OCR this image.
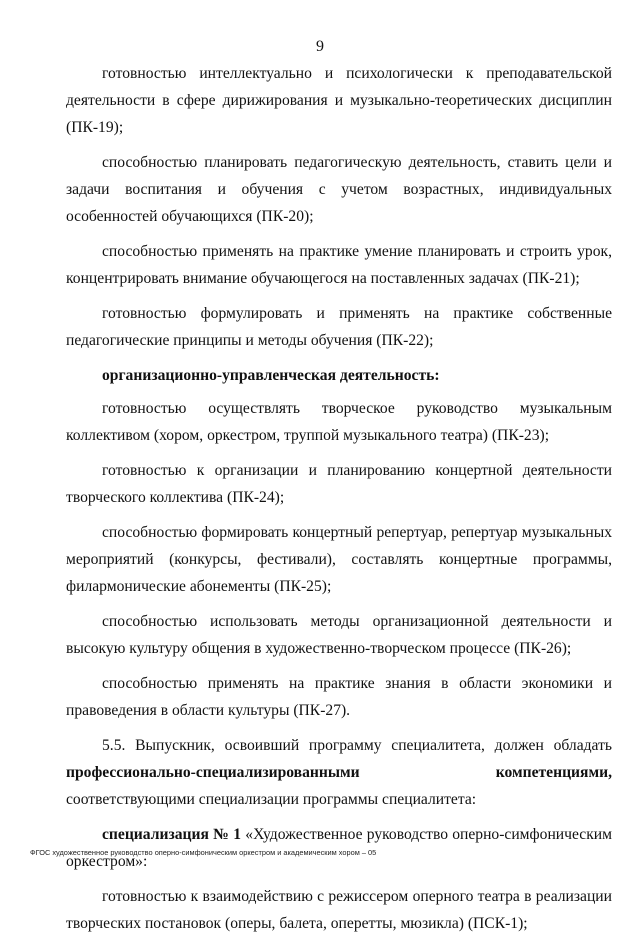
9

готовностью интеллектуально и психологически к преподавательской деятельности в сфере дирижирования и музыкально-теоретических дисциплин (ПК-19);

способностью планировать педагогическую деятельность, ставить цели и задачи воспитания и обучения с учетом возрастных, индивидуальных особенностей обучающихся (ПК-20);

способностью применять на практике умение планировать и строить урок, концентрировать внимание обучающегося на поставленных задачах (ПК-21);

готовностью формулировать и применять на практике собственные педагогические принципы и методы обучения (ПК-22);

организационно-управленческая деятельность:

готовностью осуществлять творческое руководство музыкальным коллективом (хором, оркестром, труппой музыкального театра) (ПК-23);

готовностью к организации и планированию концертной деятельности творческого коллектива (ПК-24);

способностью формировать концертный репертуар, репертуар музыкальных мероприятий (конкурсы, фестивали), составлять концертные программы, филармонические абонементы (ПК-25);

способностью использовать методы организационной деятельности и высокую культуру общения в художественно-творческом процессе (ПК-26);

способностью применять на практике знания в области экономики и правоведения в области культуры (ПК-27).

5.5. Выпускник, освоивший программу специалитета, должен обладать профессионально-специализированными компетенциями, соответствующими специализации программы специалитета:

специализация № 1 «Художественное руководство оперно-симфоническим оркестром»:

готовностью к взаимодействию с режиссером оперного театра в реализации творческих постановок (оперы, балета, оперетты, мюзикла) (ПСК-1);

ФГОС художественное руководство оперно-симфоническим оркестром и академическим хором – 05
